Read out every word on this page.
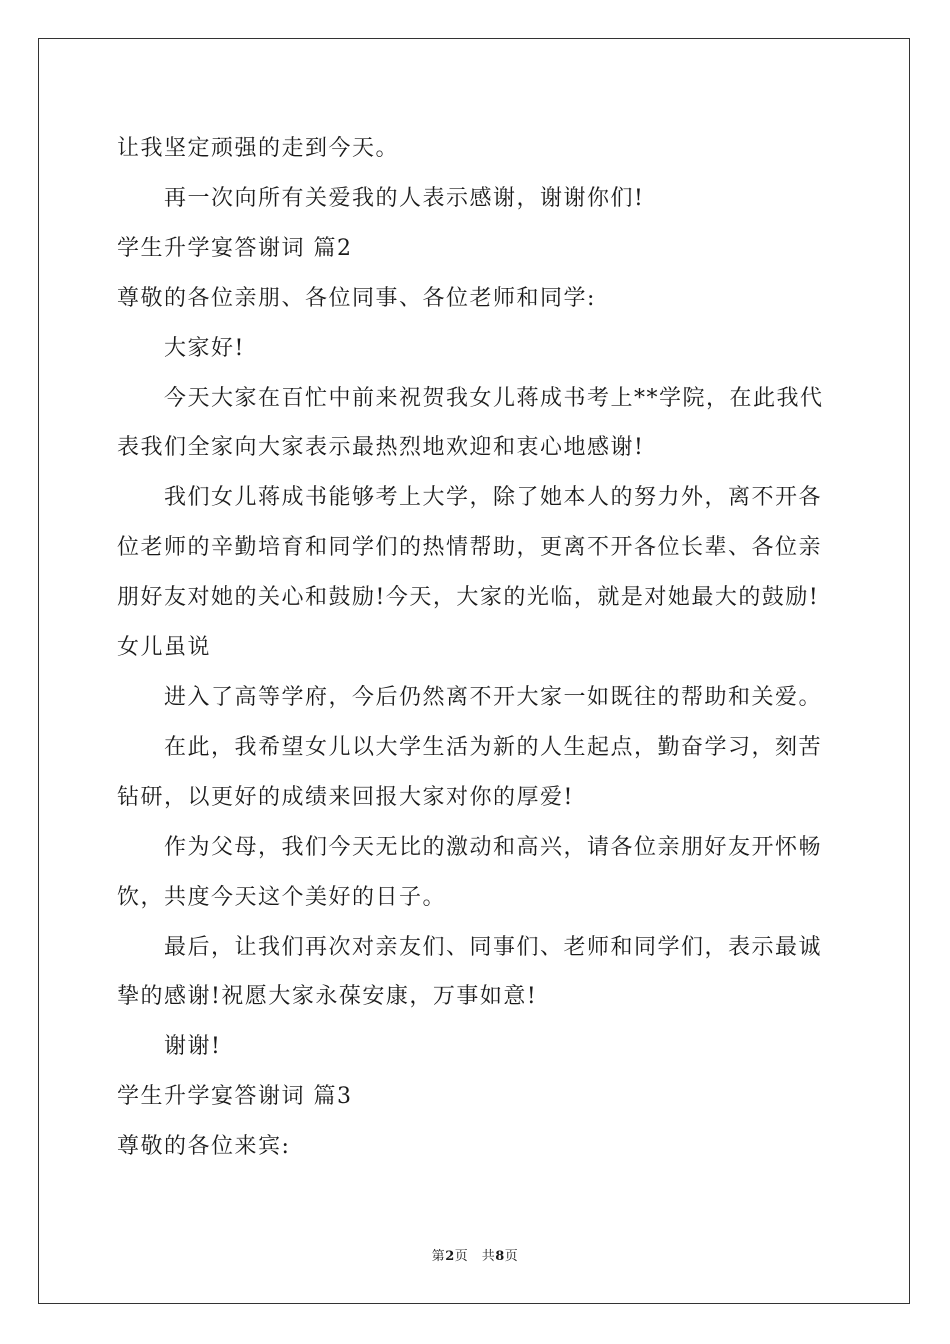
让我坚定顽强的走到今天。

再一次向所有关爱我的人表示感谢，谢谢你们!

学生升学宴答谢词 篇2

尊敬的各位亲朋、各位同事、各位老师和同学:

大家好!

今天大家在百忙中前来祝贺我女儿蒋成书考上**学院，在此我代

表我们全家向大家表示最热烈地欢迎和衷心地感谢!

我们女儿蒋成书能够考上大学，除了她本人的努力外，离不开各

位老师的辛勤培育和同学们的热情帮助，更离不开各位长辈、各位亲

朋好友对她的关心和鼓励!今天，大家的光临，就是对她最大的鼓励!

女儿虽说

进入了高等学府，今后仍然离不开大家一如既往的帮助和关爱。

在此，我希望女儿以大学生活为新的人生起点，勤奋学习，刻苦

钻研，以更好的成绩来回报大家对你的厚爱!

作为父母，我们今天无比的激动和高兴，请各位亲朋好友开怀畅

饮，共度今天这个美好的日子。

最后，让我们再次对亲友们、同事们、老师和同学们，表示最诚

挚的感谢!祝愿大家永葆安康，万事如意!

谢谢!

学生升学宴答谢词 篇3

尊敬的各位来宾:

第2页　共8页
